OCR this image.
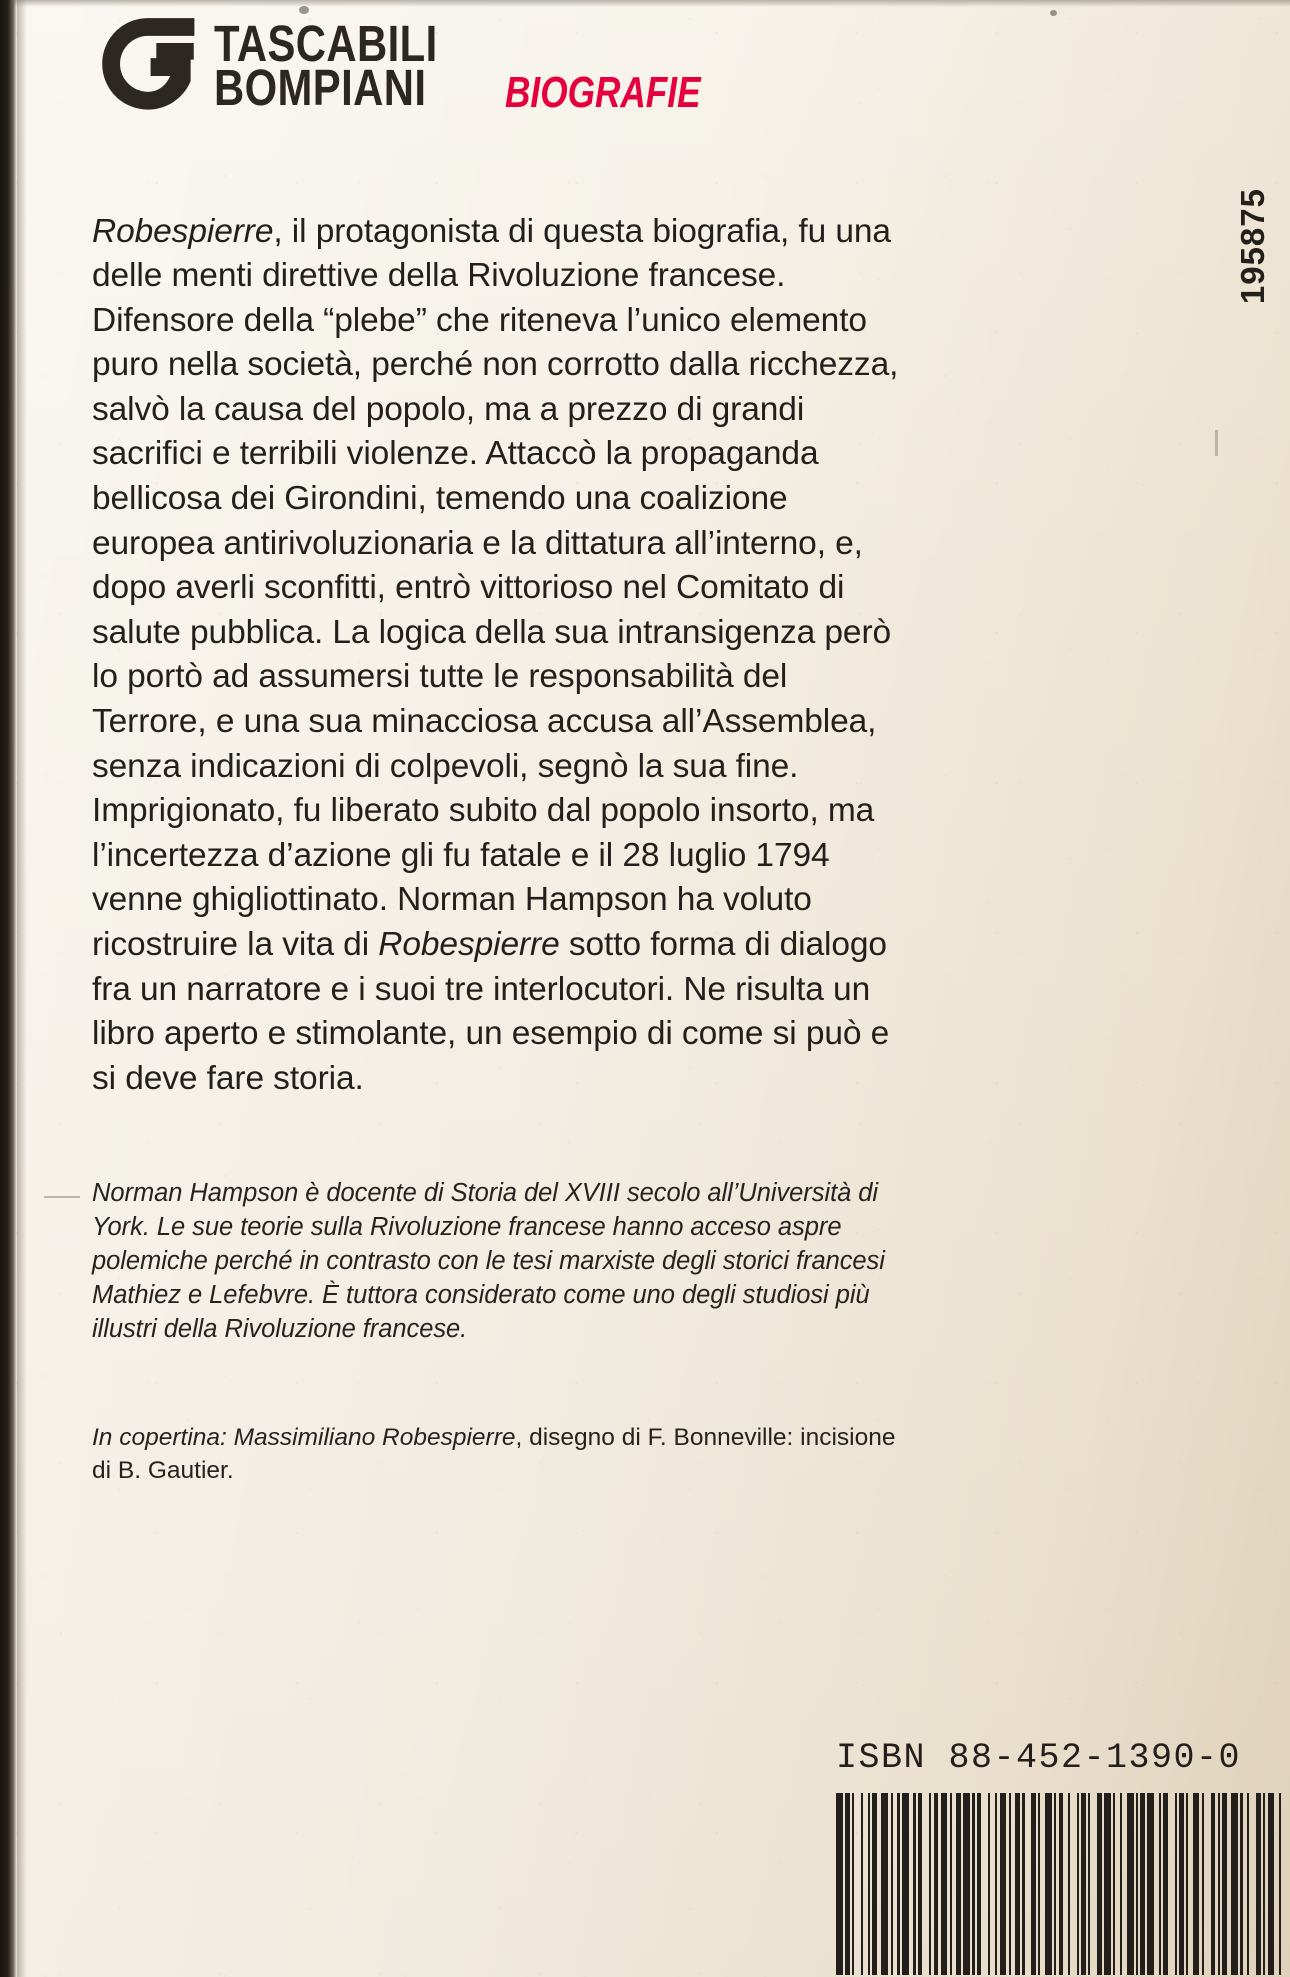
TASCABILI
BOMPIANI BIOGRAFIE
195875

Robespierre, il protagonista di questa biografia, fu una delle menti direttive della Rivoluzione francese. Difensore della “plebe” che riteneva l’unico elemento puro nella società, perché non corrotto dalla ricchezza, salvò la causa del popolo, ma a prezzo di grandi sacrifici e terribili violenze. Attaccò la propaganda bellicosa dei Girondini, temendo una coalizione europea antirivoluzionaria e la dittatura all’interno, e, dopo averli sconfitti, entrò vittorioso nel Comitato di salute pubblica. La logica della sua intransigenza però lo portò ad assumersi tutte le responsabilità del Terrore, e una sua minacciosa accusa all’Assemblea, senza indicazioni di colpevoli, segnò la sua fine. Imprigionato, fu liberato subito dal popolo insorto, ma l’incertezza d’azione gli fu fatale e il 28 luglio 1794 venne ghigliottinato. Norman Hampson ha voluto ricostruire la vita di Robespierre sotto forma di dialogo fra un narratore e i suoi tre interlocutori. Ne risulta un libro aperto e stimolante, un esempio di come si può e si deve fare storia.

Norman Hampson è docente di Storia del XVIII secolo all’Università di York. Le sue teorie sulla Rivoluzione francese hanno acceso aspre polemiche perché in contrasto con le tesi marxiste degli storici francesi Mathiez e Lefebvre. È tuttora considerato come uno degli studiosi più illustri della Rivoluzione francese.

In copertina: Massimiliano Robespierre, disegno di F. Bonneville: incisione di B. Gautier.

ISBN 88-452-1390-0
